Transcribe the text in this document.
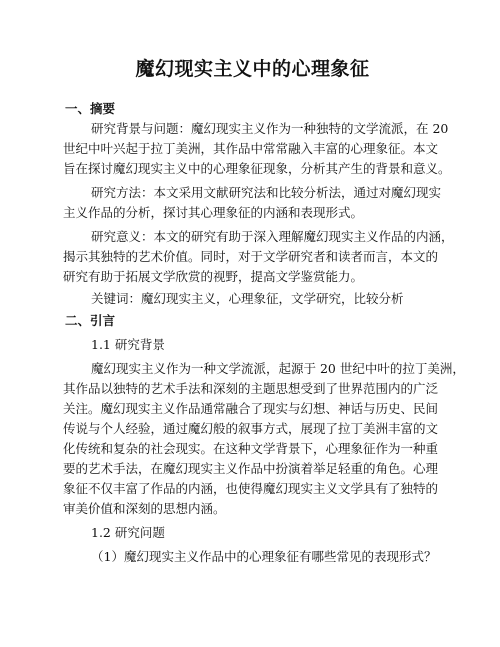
魔幻现实主义中的心理象征
一、摘要

研究背景与问题：魔幻现实主义作为一种独特的文学流派，在 20

世纪中叶兴起于拉丁美洲，其作品中常常融入丰富的心理象征。本文

旨在探讨魔幻现实主义中的心理象征现象，分析其产生的背景和意义。

研究方法：本文采用文献研究法和比较分析法，通过对魔幻现实

主义作品的分析，探讨其心理象征的内涵和表现形式。

研究意义：本文的研究有助于深入理解魔幻现实主义作品的内涵，

揭示其独特的艺术价值。同时，对于文学研究者和读者而言，本文的

研究有助于拓展文学欣赏的视野，提高文学鉴赏能力。

关键词：魔幻现实主义，心理象征，文学研究，比较分析
二、引言
1.1 研究背景

魔幻现实主义作为一种文学流派，起源于 20 世纪中叶的拉丁美洲，

其作品以独特的艺术手法和深刻的主题思想受到了世界范围内的广泛

关注。魔幻现实主义作品通常融合了现实与幻想、神话与历史、民间

传说与个人经验，通过魔幻般的叙事方式，展现了拉丁美洲丰富的文

化传统和复杂的社会现实。在这种文学背景下，心理象征作为一种重

要的艺术手法，在魔幻现实主义作品中扮演着举足轻重的角色。心理

象征不仅丰富了作品的内涵，也使得魔幻现实主义文学具有了独特的

审美价值和深刻的思想内涵。

1.2 研究问题
（1）魔幻现实主义作品中的心理象征有哪些常见的表现形式？
